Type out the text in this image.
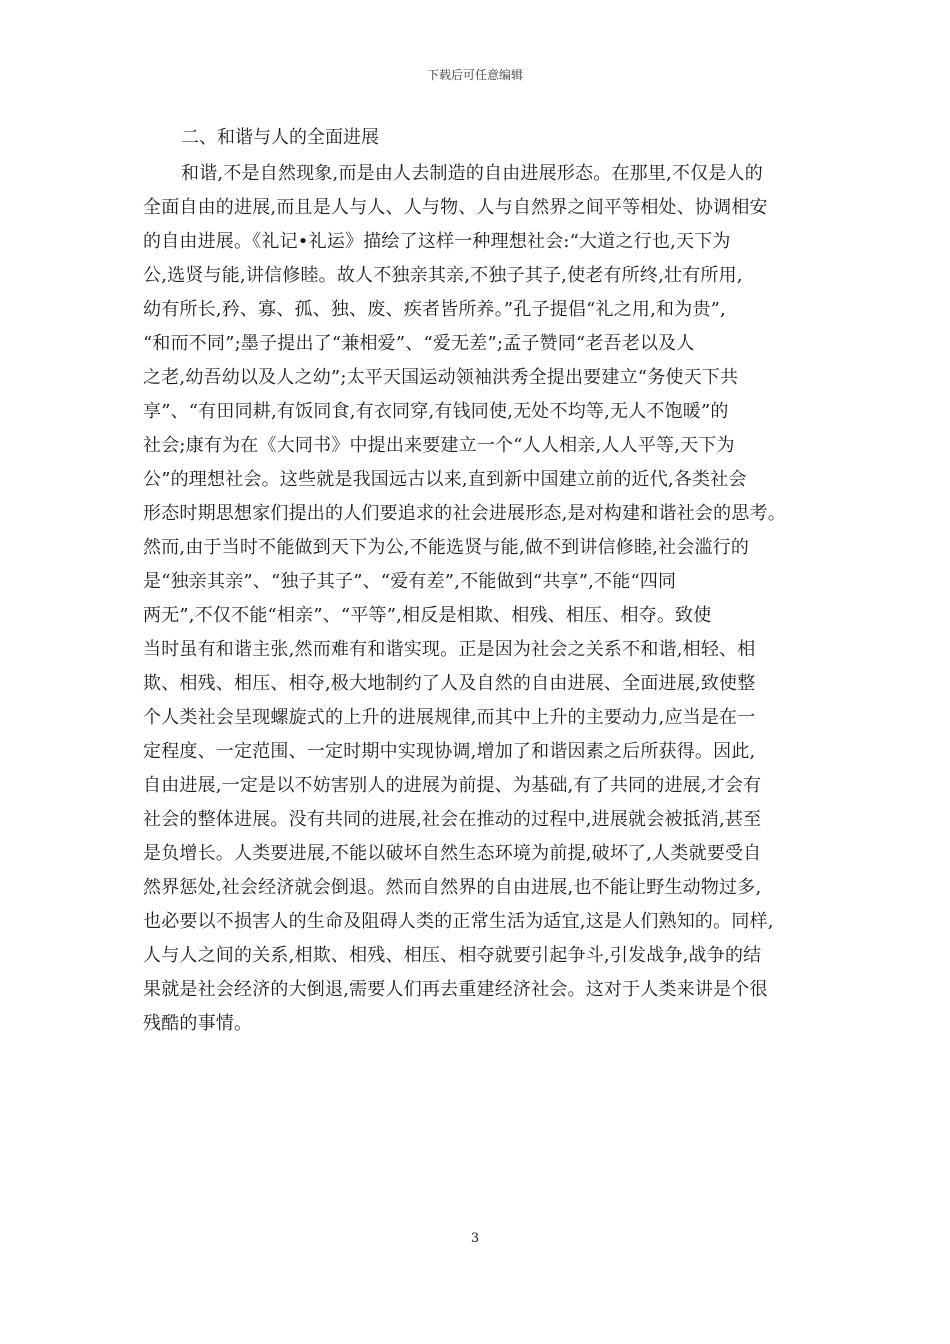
下载后可任意编辑
二、和谐与人的全面进展

和谐,不是自然现象,而是由人去制造的自由进展形态。在那里,不仅是人的

全面自由的进展,而且是人与人、人与物、人与自然界之间平等相处、协调相安

的自由进展。《礼记•礼运》描绘了这样一种理想社会:“大道之行也,天下为

公,选贤与能,讲信修睦。故人不独亲其亲,不独子其子,使老有所终,壮有所用,

幼有所长,矜、寡、孤、独、废、疾者皆所养。”孔子提倡“礼之用,和为贵”,

“和而不同”;墨子提出了“兼相爱”、“爱无差”;孟子赞同“老吾老以及人

之老,幼吾幼以及人之幼”;太平天国运动领袖洪秀全提出要建立“务使天下共

享”、“有田同耕,有饭同食,有衣同穿,有钱同使,无处不均等,无人不饱暖”的

社会;康有为在《大同书》中提出来要建立一个“人人相亲,人人平等,天下为

公”的理想社会。这些就是我国远古以来,直到新中国建立前的近代,各类社会

形态时期思想家们提出的人们要追求的社会进展形态,是对构建和谐社会的思考。

然而,由于当时不能做到天下为公,不能选贤与能,做不到讲信修睦,社会滥行的

是“独亲其亲”、“独子其子”、“爱有差”,不能做到“共享”,不能“四同

两无”,不仅不能“相亲”、“平等”,相反是相欺、相残、相压、相夺。致使

当时虽有和谐主张,然而难有和谐实现。正是因为社会之关系不和谐,相轻、相

欺、相残、相压、相夺,极大地制约了人及自然的自由进展、全面进展,致使整

个人类社会呈现螺旋式的上升的进展规律,而其中上升的主要动力,应当是在一

定程度、一定范围、一定时期中实现协调,增加了和谐因素之后所获得。因此,

自由进展,一定是以不妨害别人的进展为前提、为基础,有了共同的进展,才会有

社会的整体进展。没有共同的进展,社会在推动的过程中,进展就会被抵消,甚至

是负增长。人类要进展,不能以破坏自然生态环境为前提,破坏了,人类就要受自

然界惩处,社会经济就会倒退。然而自然界的自由进展,也不能让野生动物过多,

也必要以不损害人的生命及阻碍人类的正常生活为适宜,这是人们熟知的。同样,

人与人之间的关系,相欺、相残、相压、相夺就要引起争斗,引发战争,战争的结

果就是社会经济的大倒退,需要人们再去重建经济社会。这对于人类来讲是个很

残酷的事情。

3
